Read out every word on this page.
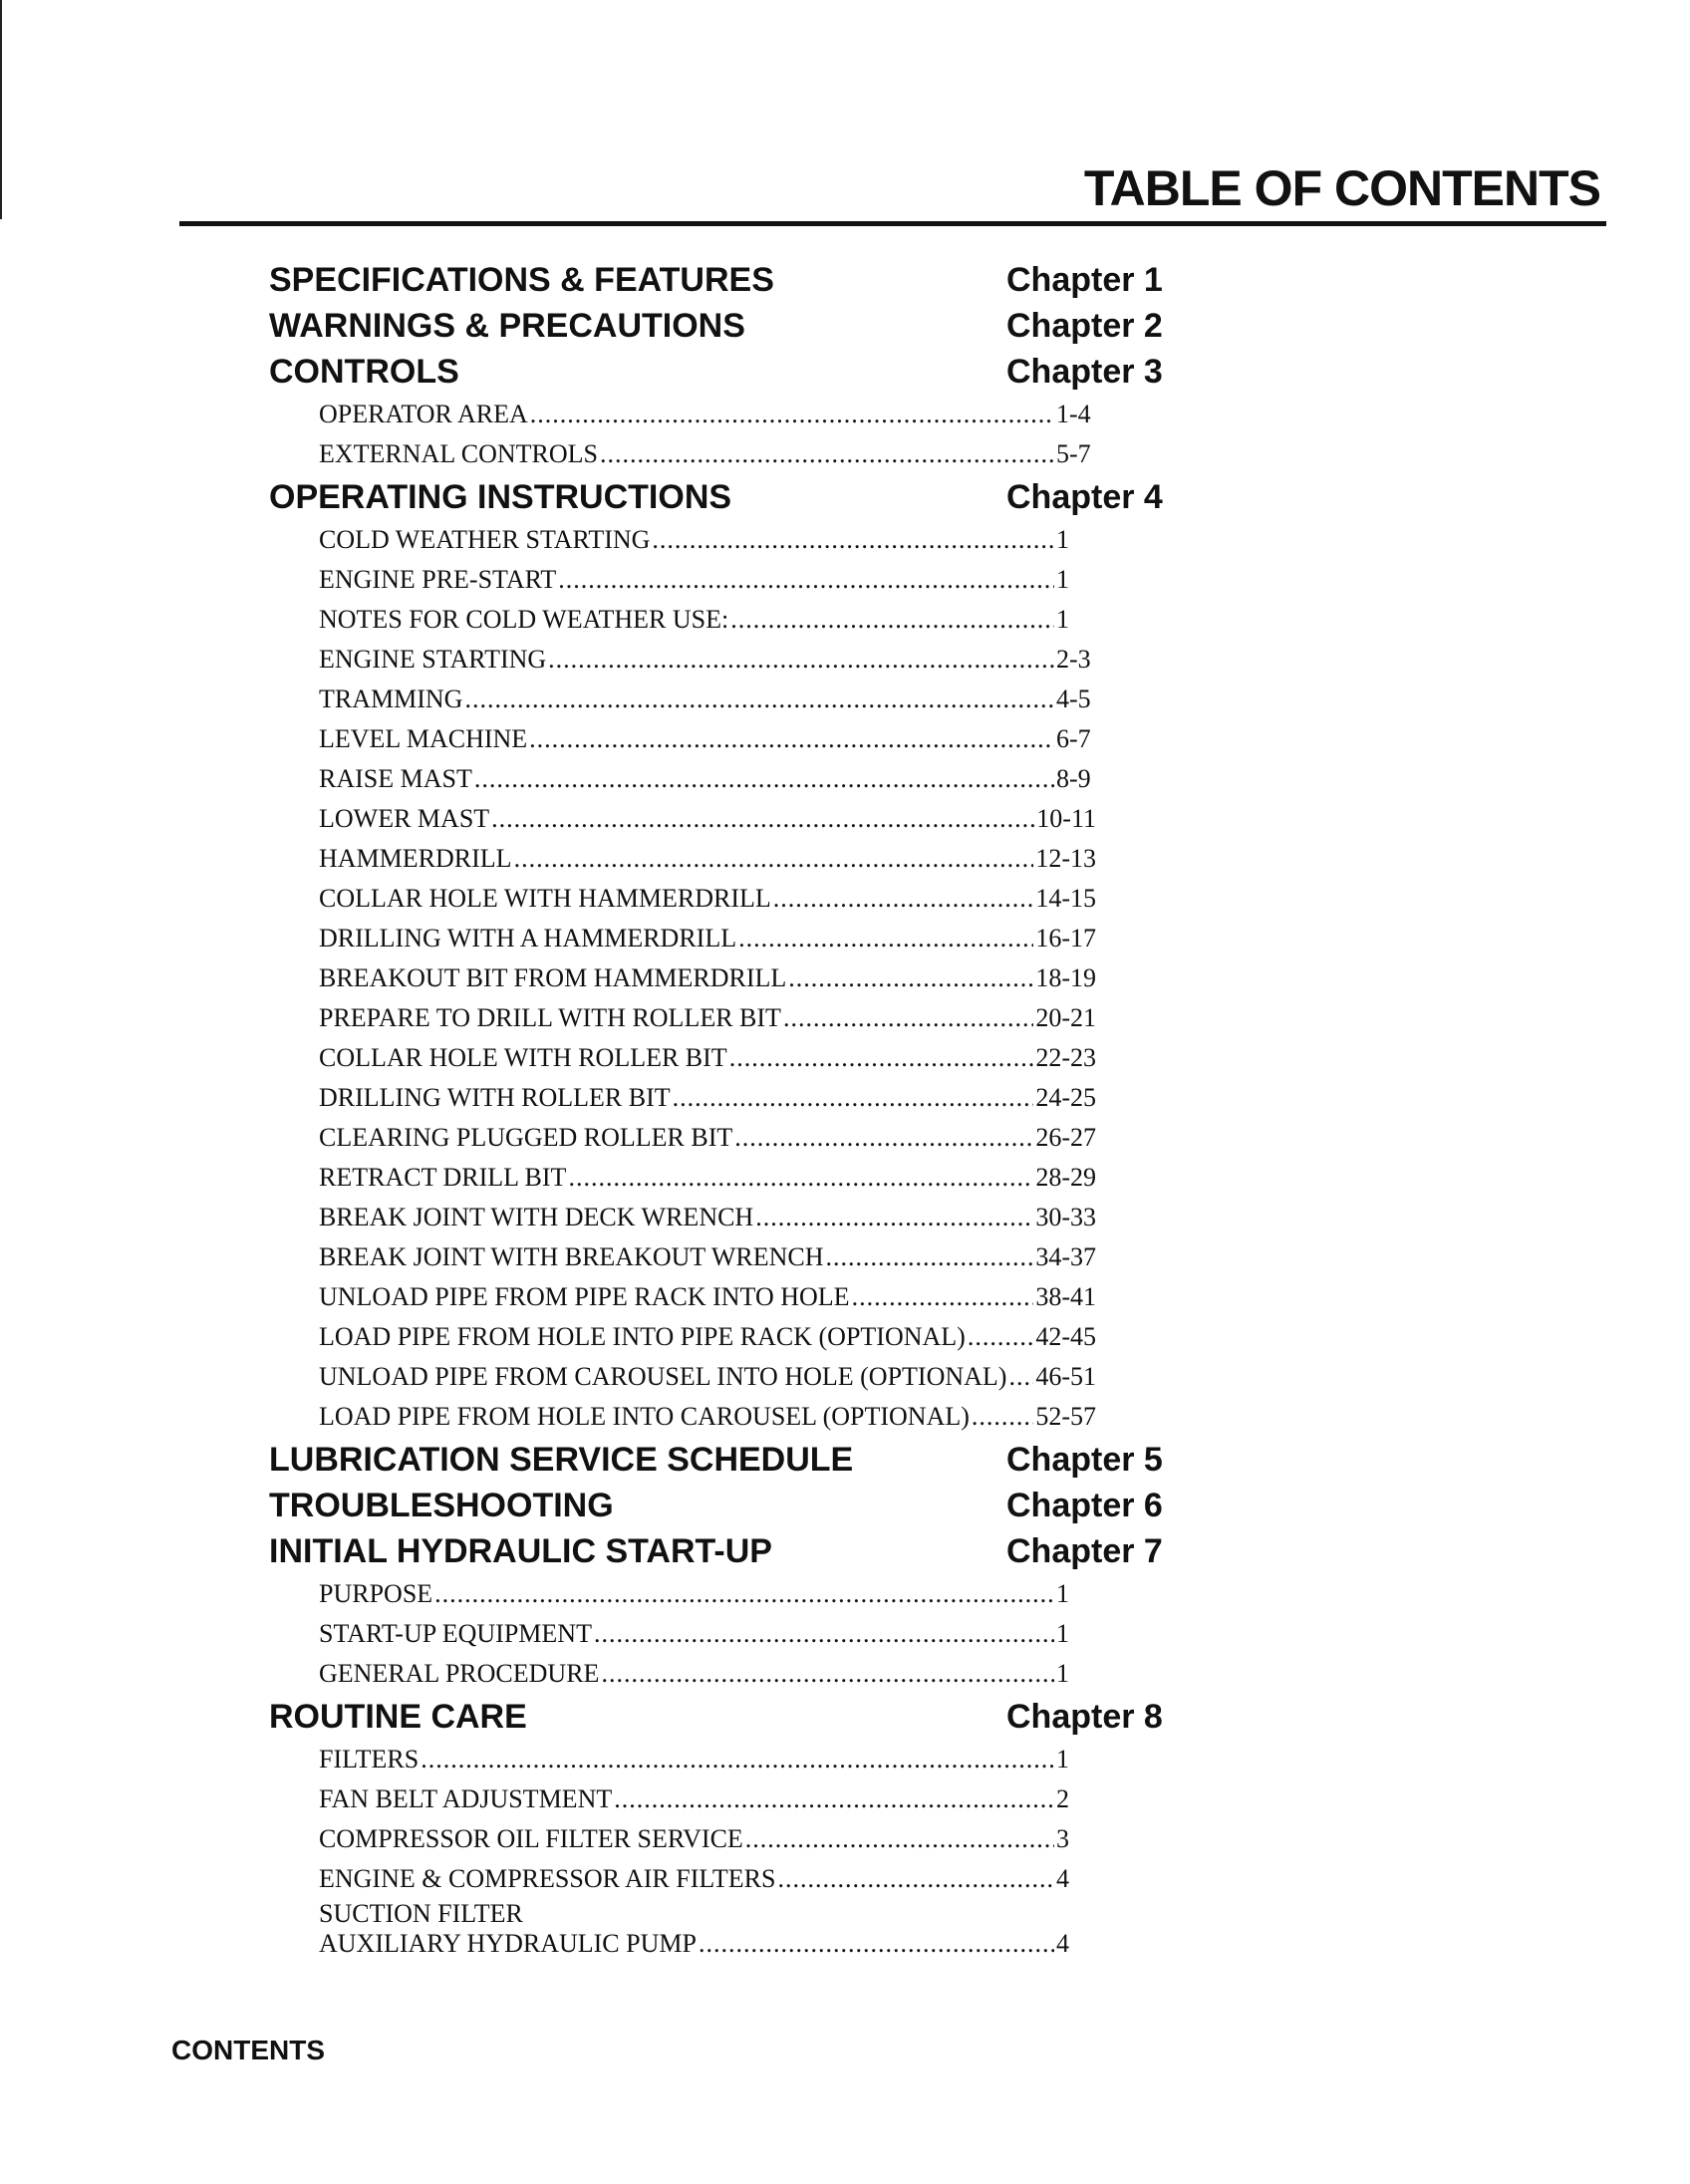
TABLE OF CONTENTS
SPECIFICATIONS & FEATURES	Chapter 1
WARNINGS & PRECAUTIONS	Chapter 2
CONTROLS	Chapter 3
OPERATOR AREA .....	1-4
EXTERNAL CONTROLS .....	5-7
OPERATING INSTRUCTIONS	Chapter 4
COLD WEATHER STARTING .....	1
ENGINE PRE-START .....	1
NOTES FOR COLD WEATHER USE: .....	1
ENGINE STARTING .....	2-3
TRAMMING .....	4-5
LEVEL MACHINE .....	6-7
RAISE MAST .....	8-9
LOWER MAST .....	10-11
HAMMERDRILL .....	12-13
COLLAR HOLE WITH HAMMERDRILL .....	14-15
DRILLING WITH A HAMMERDRILL .....	16-17
BREAKOUT BIT FROM HAMMERDRILL .....	18-19
PREPARE TO DRILL WITH ROLLER BIT .....	20-21
COLLAR HOLE WITH ROLLER BIT .....	22-23
DRILLING WITH ROLLER BIT .....	24-25
CLEARING PLUGGED ROLLER BIT .....	26-27
RETRACT DRILL BIT .....	28-29
BREAK JOINT WITH DECK WRENCH .....	30-33
BREAK JOINT WITH BREAKOUT WRENCH .....	34-37
UNLOAD PIPE FROM PIPE RACK INTO HOLE .....	38-41
LOAD PIPE FROM HOLE INTO PIPE RACK (OPTIONAL) .....	42-45
UNLOAD PIPE FROM CAROUSEL INTO HOLE (OPTIONAL) ..... 46-51
LOAD PIPE FROM HOLE INTO CAROUSEL (OPTIONAL) .....	52-57
LUBRICATION SERVICE SCHEDULE	Chapter 5
TROUBLESHOOTING	Chapter 6
INITIAL HYDRAULIC START-UP	Chapter 7
PURPOSE .....	1
START-UP EQUIPMENT .....	1
GENERAL PROCEDURE .....	1
ROUTINE CARE	Chapter 8
FILTERS .....	1
FAN BELT ADJUSTMENT .....	2
COMPRESSOR OIL FILTER SERVICE .....	3
ENGINE & COMPRESSOR AIR FILTERS .....	4
SUCTION FILTER
AUXILIARY HYDRAULIC PUMP .....	4
CONTENTS
